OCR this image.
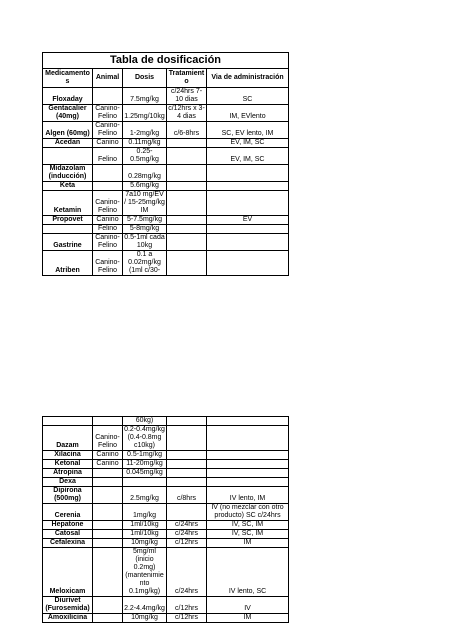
Tabla de dosificación				
Medicamentos	Animal	Dosis	Tratamiento	Via de administración
Floxaday		7.5mg/kg	c/24hrs 7-10 dias	SC
Gentacalier (40mg)	Canino-Felino	1.25mg/10kg	c/12hrs x 3-4 dias	IM, EVlento
Algen (60mg)	Canino-Felino	1-2mg/kg	c/6-8hrs	SC, EV lento, IM
Acedan	Canino	0.11mg/kg		EV, IM, SC
	Felino	0.25-0.5mg/kg		EV, IM, SC
Midazolam (inducción)		0.28mg/kg		
Keta		5.6mg/kg		
Ketamin	Canino-Felino	7a10 mg/EV / 15-25mg/kg IM		
Propovet	Canino	5-7.5mg/kg		EV
	Felino	5-8mg/kg		
Gastrine	Canino-Felino	0.5-1ml cada 10kg		
Atriben	Canino-Felino	0.1 a 0.02mg/kg (1ml c/30-		
		60kg)		
Dazam	Canino-Felino	0.2-0.4mg/kg (0.4-0.8mg c10kg)		
Xilacina	Canino	0.5-1mg/kg		
Ketonal	Canino	11-20mg/kg		
Atropina		0.045mg/kg		
Dexa				
Dipirona (500mg)		2.5mg/kg	c/8hrs	IV lento, IM
Cerenia		1mg/kg		IV (no mezclar con otro producto) SC c/24hrs
Hepatone		1ml/10kg	c/24hrs	IV, SC, IM
Catosal		1ml/10kg	c/24hrs	IV, SC, IM
Cefalexina		10mg/kg	c/12hrs	IM
Meloxicam		5mg/ml (inicio 0.2mg) (mantenimiento 0.1mg/kg)	c/24hrs	IV lento, SC
Diurivet (Furosemida)		2.2-4.4mg/kg	c/12hrs	IV
Amoxilicina		10mg/kg	c/12hrs	IM
